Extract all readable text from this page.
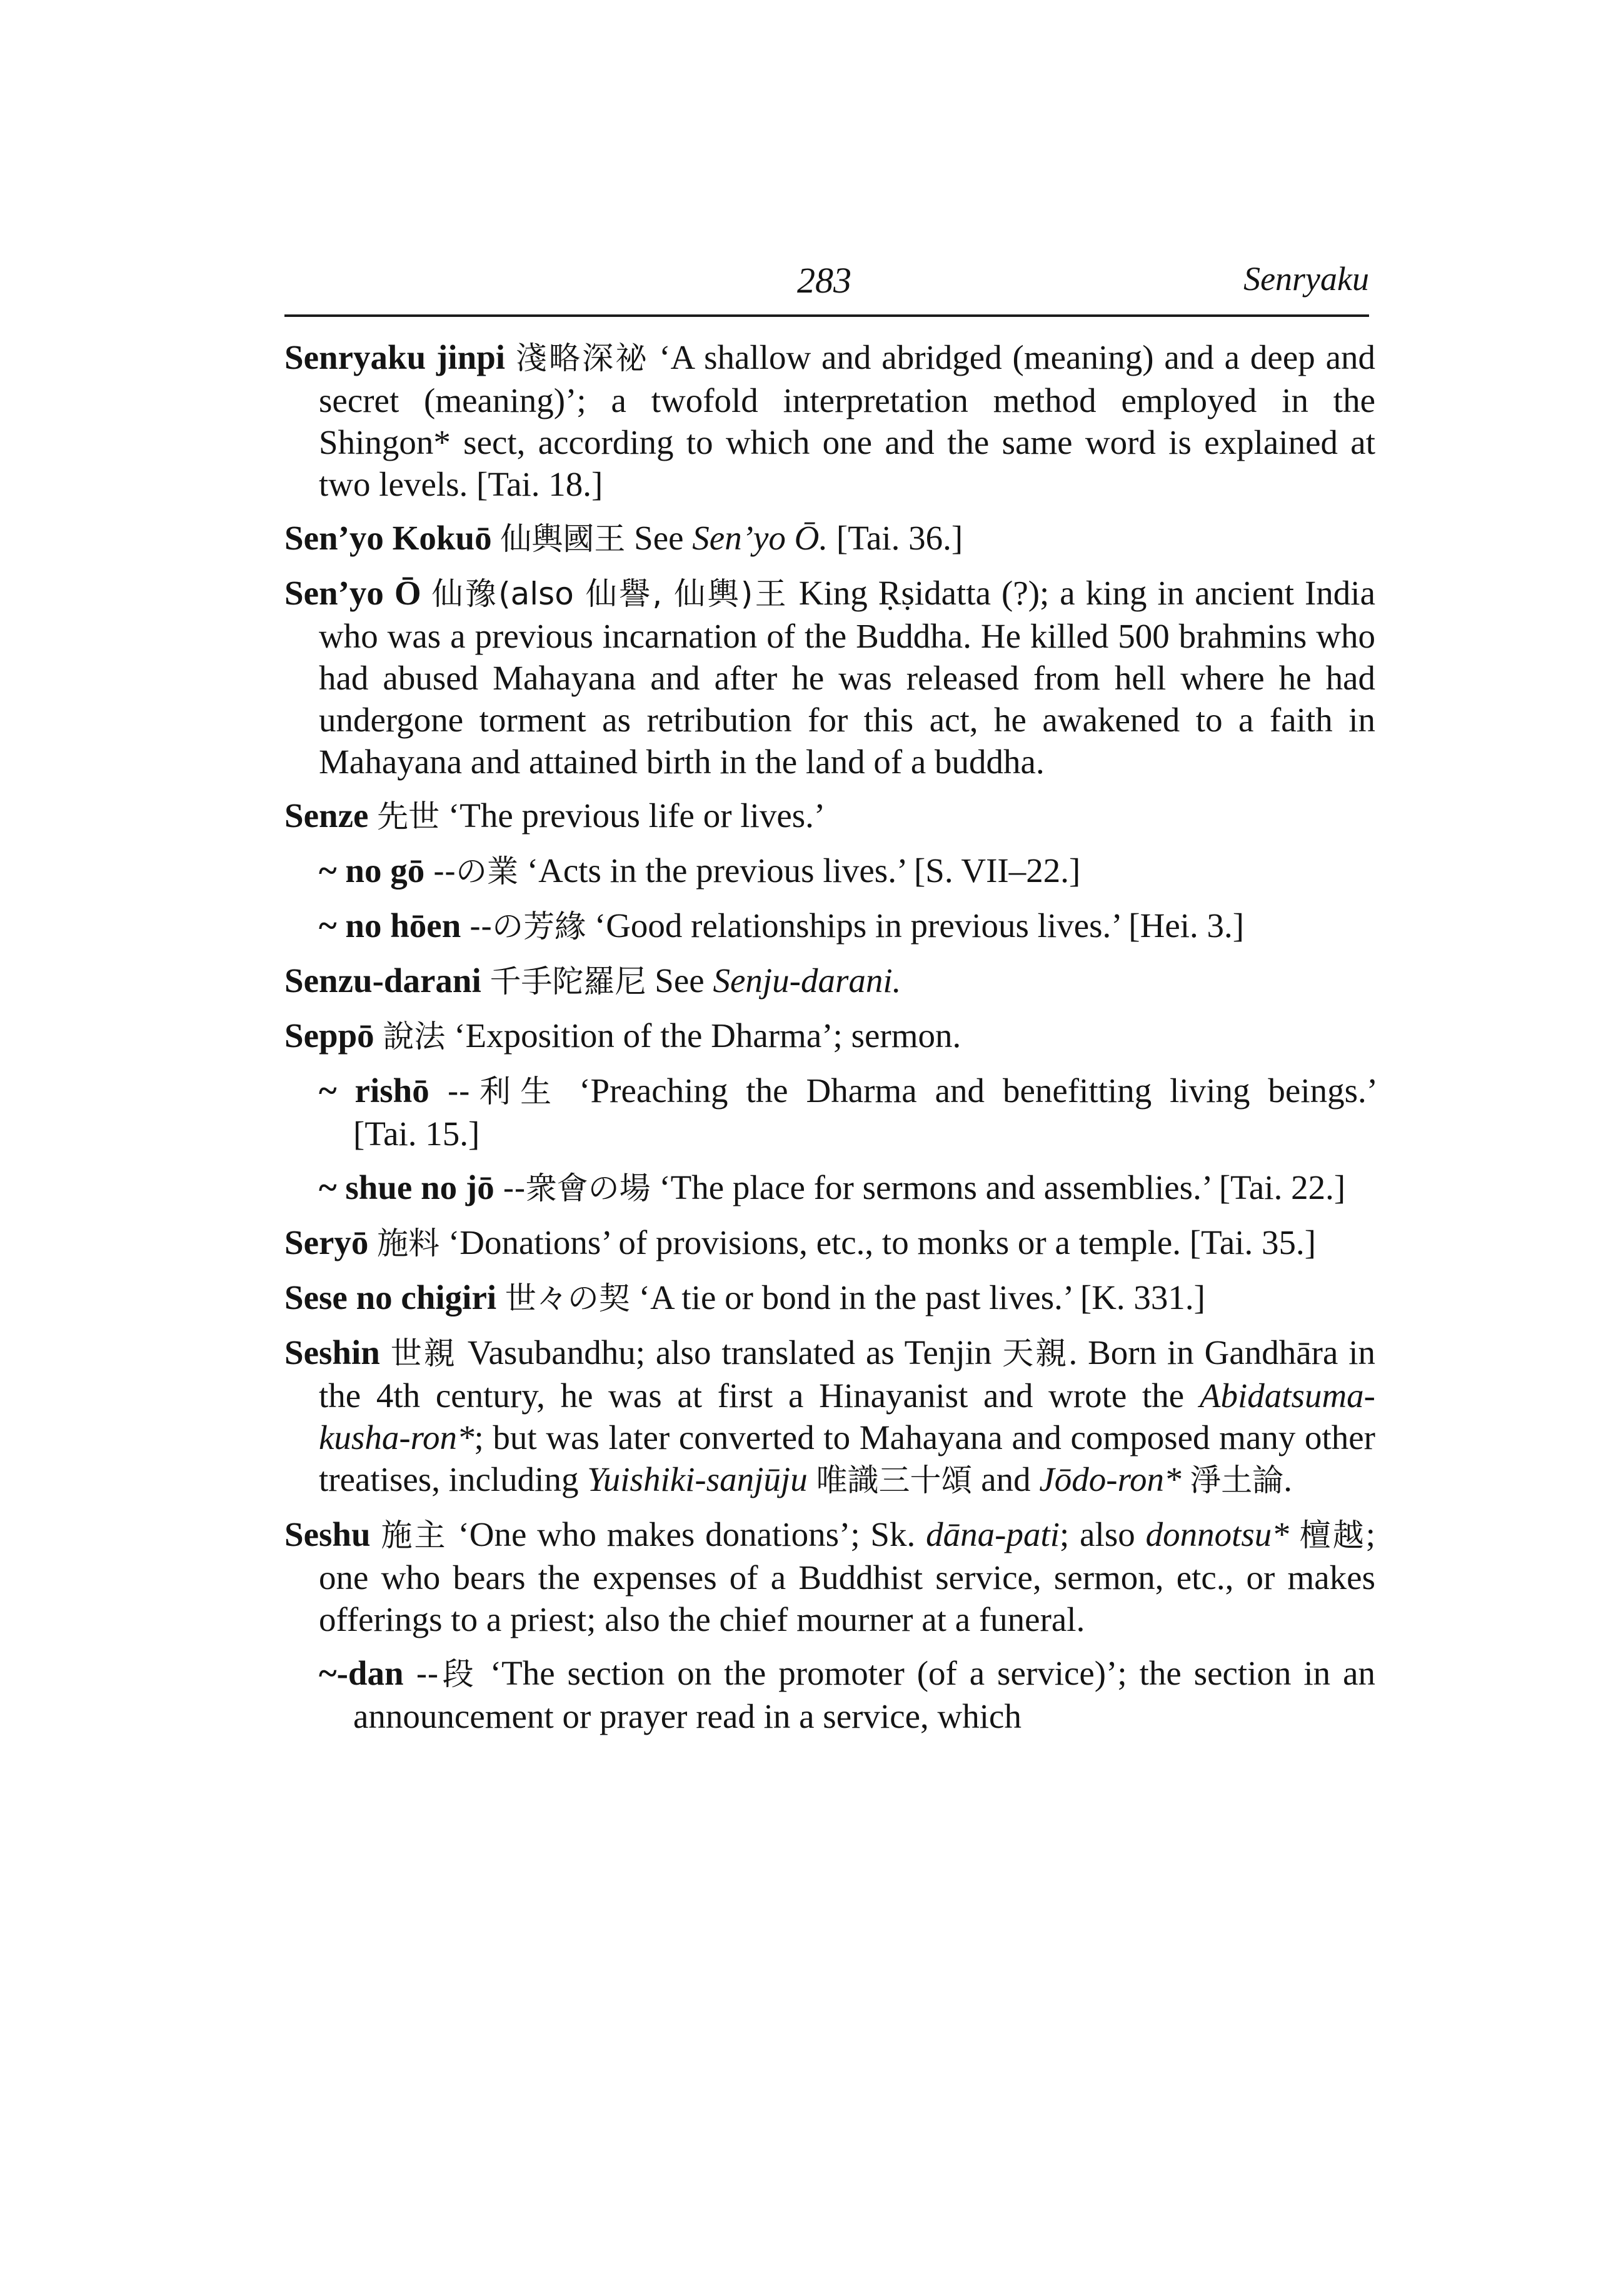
283	Senryaku
Senryaku jinpi 淺略深祕 ‘A shallow and abridged (meaning) and a deep and secret (meaning)’; a twofold interpretation method employed in the Shingon* sect, according to which one and the same word is explained at two levels. [Tai. 18.]
Sen’yo Kokuō 仙輿國王 See Sen’yo Ō. [Tai. 36.]
Sen’yo Ō 仙豫(also 仙譽, 仙輿)王 King Ṛṣidatta (?); a king in ancient India who was a previous incarnation of the Buddha. He killed 500 brahmins who had abused Mahayana and after he was released from hell where he had undergone torment as retribution for this act, he awakened to a faith in Mahayana and attained birth in the land of a buddha.
Senze 先世 ‘The previous life or lives.’
~ no gō --の業 ‘Acts in the previous lives.’ [S. VII–22.]
~ no hōen --の芳緣 ‘Good relationships in previous lives.’ [Hei. 3.]
Senzu-darani 千手陀羅尼 See Senju-darani.
Seppō 說法 ‘Exposition of the Dharma’; sermon.
~ rishō --利生 ‘Preaching the Dharma and benefitting living beings.’ [Tai. 15.]
~ shue no jō --衆會の場 ‘The place for sermons and assemblies.’ [Tai. 22.]
Seryō 施料 ‘Donations’ of provisions, etc., to monks or a temple. [Tai. 35.]
Sese no chigiri 世々の契 ‘A tie or bond in the past lives.’ [K. 331.]
Seshin 世親 Vasubandhu; also translated as Tenjin 天親. Born in Gandhāra in the 4th century, he was at first a Hinayanist and wrote the Abidatsuma-kusha-ron*; but was later converted to Mahayana and composed many other treatises, including Yuishiki-sanjūju 唯識三十頌 and Jōdo-ron* 淨土論.
Seshu 施主 ‘One who makes donations’; Sk. dāna-pati; also donnotsu* 檀越; one who bears the expenses of a Buddhist service, sermon, etc., or makes offerings to a priest; also the chief mourner at a funeral.
~-dan --段 ‘The section on the promoter (of a service)’; the section in an announcement or prayer read in a service, which
